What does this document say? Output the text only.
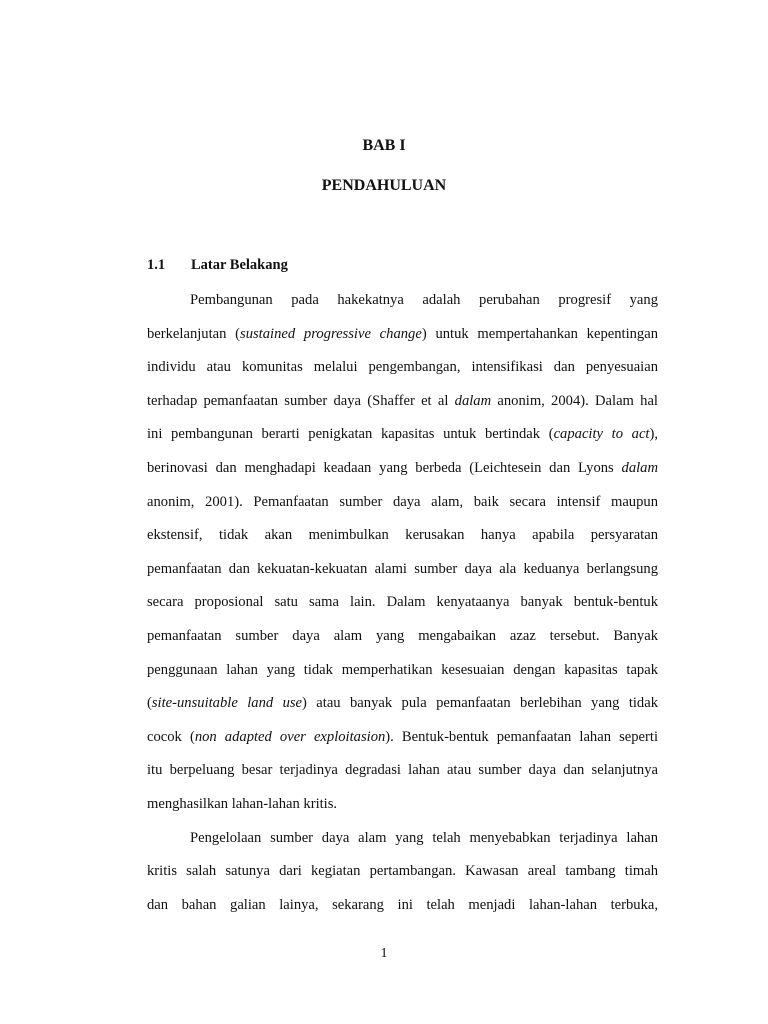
BAB I
PENDAHULUAN
1.1 Latar Belakang
Pembangunan pada hakekatnya adalah perubahan progresif yang
berkelanjutan (sustained progressive change) untuk mempertahankan kepentingan
individu atau komunitas melalui pengembangan, intensifikasi dan penyesuaian
terhadap pemanfaatan sumber daya (Shaffer et al dalam anonim, 2004). Dalam hal
ini pembangunan berarti penigkatan kapasitas untuk bertindak (capacity to act),
berinovasi dan menghadapi keadaan yang berbeda (Leichtesein dan Lyons dalam
anonim, 2001). Pemanfaatan sumber daya alam, baik secara intensif maupun
ekstensif, tidak akan menimbulkan kerusakan hanya apabila persyaratan
pemanfaatan dan kekuatan-kekuatan alami sumber daya ala keduanya berlangsung
secara proposional satu sama lain. Dalam kenyataanya banyak bentuk-bentuk
pemanfaatan sumber daya alam yang mengabaikan azaz tersebut. Banyak
penggunaan lahan yang tidak memperhatikan kesesuaian dengan kapasitas tapak
(site-unsuitable land use) atau banyak pula pemanfaatan berlebihan yang tidak
cocok (non adapted over exploitasion). Bentuk-bentuk pemanfaatan lahan seperti
itu berpeluang besar terjadinya degradasi lahan atau sumber daya dan selanjutnya
menghasilkan lahan-lahan kritis.
Pengelolaan sumber daya alam yang telah menyebabkan terjadinya lahan
kritis salah satunya dari kegiatan pertambangan. Kawasan areal tambang timah
dan bahan galian lainya, sekarang ini telah menjadi lahan-lahan terbuka,
1
